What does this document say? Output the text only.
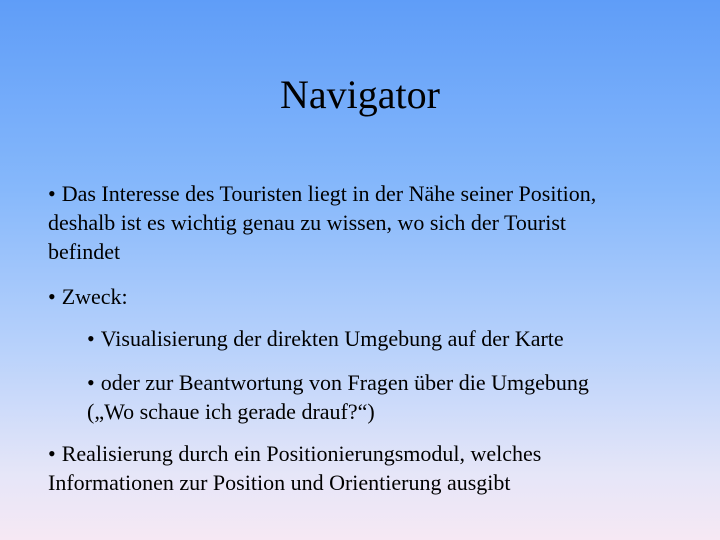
Navigator

• Das Interesse des Touristen liegt in der Nähe seiner Position,
deshalb ist es wichtig genau zu wissen, wo sich der Tourist
befindet

• Zweck:

• Visualisierung der direkten Umgebung auf der Karte

• oder zur Beantwortung von Fragen über die Umgebung
(„Wo schaue ich gerade drauf?“)

• Realisierung durch ein Positionierungsmodul, welches
Informationen zur Position und Orientierung ausgibt
